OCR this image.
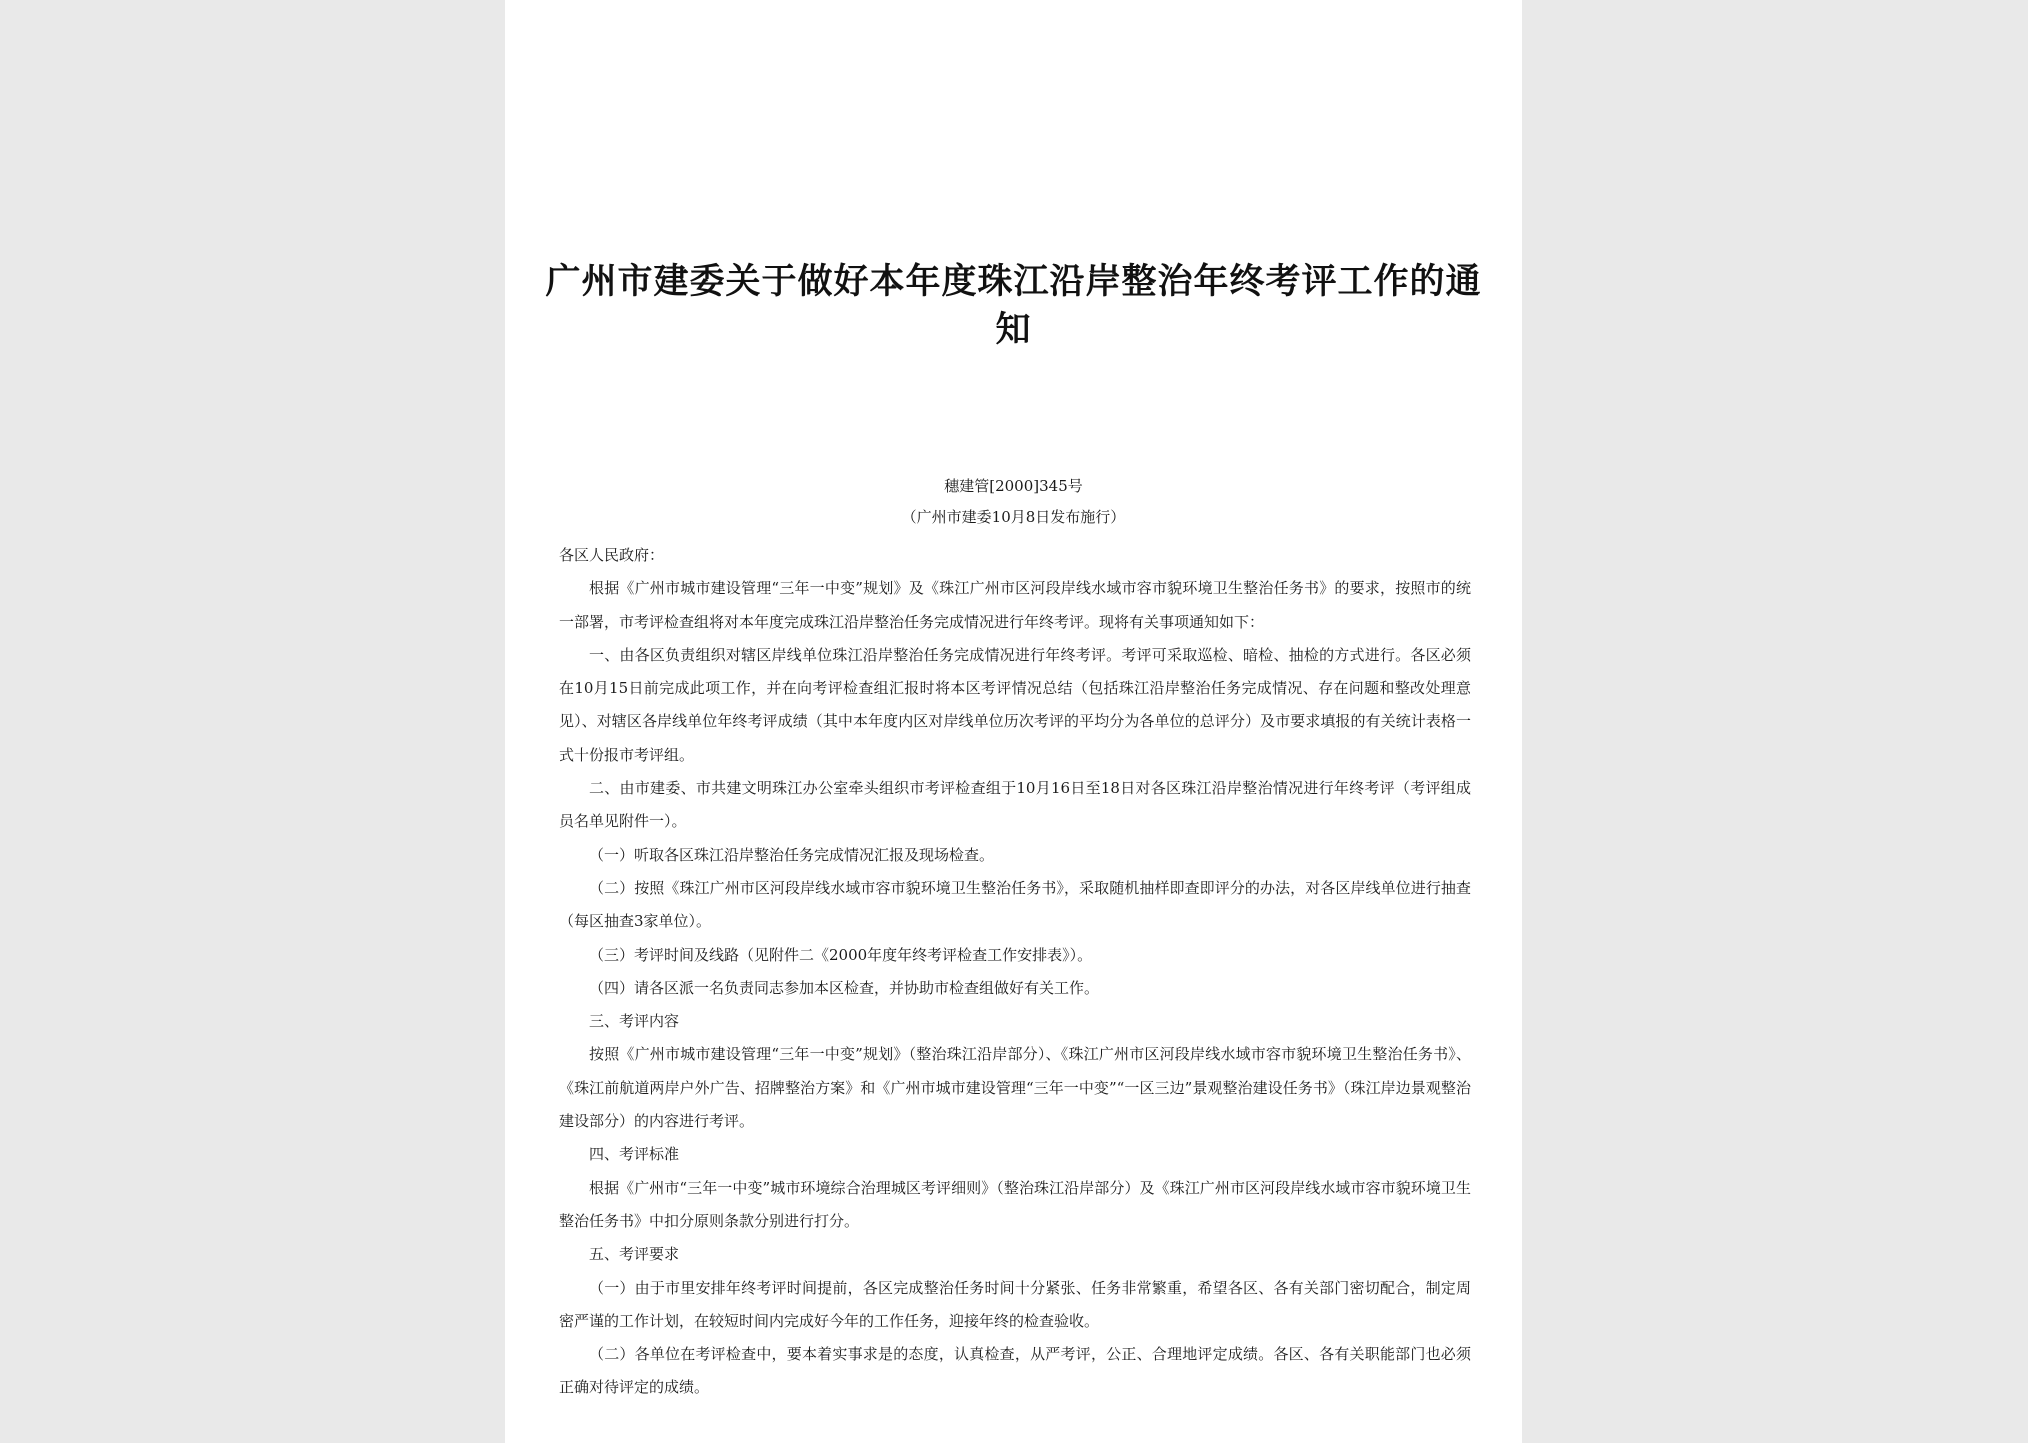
广州市建委关于做好本年度珠江沿岸整治年终考评工作的通知
穗建管[2000]345号
（广州市建委10月8日发布施行）

各区人民政府：

根据《广州市城市建设管理“三年一中变”规划》及《珠江广州市区河段岸线水域市容市貌环境卫生整治任务书》的要求，按照市的统一部署，市考评检查组将对本年度完成珠江沿岸整治任务完成情况进行年终考评。现将有关事项通知如下：

一、由各区负责组织对辖区岸线单位珠江沿岸整治任务完成情况进行年终考评。考评可采取巡检、暗检、抽检的方式进行。各区必须在10月15日前完成此项工作，并在向考评检查组汇报时将本区考评情况总结（包括珠江沿岸整治任务完成情况、存在问题和整改处理意见）、对辖区各岸线单位年终考评成绩（其中本年度内区对岸线单位历次考评的平均分为各单位的总评分）及市要求填报的有关统计表格一式十份报市考评组。

二、由市建委、市共建文明珠江办公室牵头组织市考评检查组于10月16日至18日对各区珠江沿岸整治情况进行年终考评（考评组成员名单见附件一）。

（一）听取各区珠江沿岸整治任务完成情况汇报及现场检查。

（二）按照《珠江广州市区河段岸线水域市容市貌环境卫生整治任务书》，采取随机抽样即查即评分的办法，对各区岸线单位进行抽查（每区抽查3家单位）。

（三）考评时间及线路（见附件二《2000年度年终考评检查工作安排表》）。

（四）请各区派一名负责同志参加本区检查，并协助市检查组做好有关工作。

三、考评内容

按照《广州市城市建设管理“三年一中变”规划》（整治珠江沿岸部分）、《珠江广州市区河段岸线水域市容市貌环境卫生整治任务书》、《珠江前航道两岸户外广告、招牌整治方案》和《广州市城市建设管理“三年一中变”“一区三边”景观整治建设任务书》（珠江岸边景观整治建设部分）的内容进行考评。

四、考评标准

根据《广州市“三年一中变”城市环境综合治理城区考评细则》（整治珠江沿岸部分）及《珠江广州市区河段岸线水域市容市貌环境卫生整治任务书》中扣分原则条款分别进行打分。

五、考评要求

（一）由于市里安排年终考评时间提前，各区完成整治任务时间十分紧张、任务非常繁重，希望各区、各有关部门密切配合，制定周密严谨的工作计划，在较短时间内完成好今年的工作任务，迎接年终的检查验收。

（二）各单位在考评检查中，要本着实事求是的态度，认真检查，从严考评，公正、合理地评定成绩。各区、各有关职能部门也必须正确对待评定的成绩。
